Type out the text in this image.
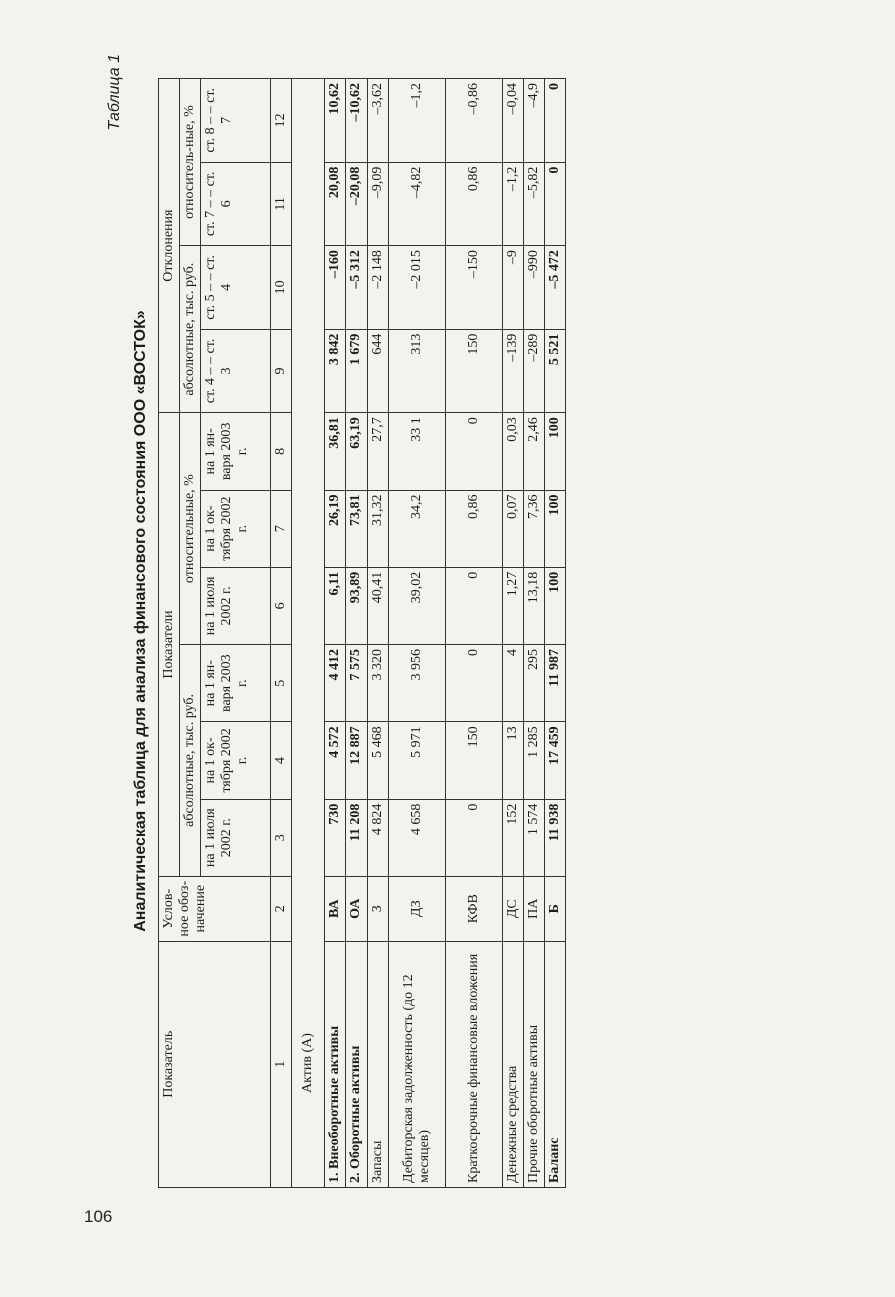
106
Таблица 1
Аналитическая таблица для анализа финансового состояния ООО «ВОСТОК»
Показатель	Услов-ное обоз-начение	Показатели						Отклонения			
		абсолютные, тыс. руб.			относительные, %			абсолютные, тыс. руб.		относитель-ные, %	
		на 1 июля 2002 г.	на 1 ок-тября 2002 г.	на 1 ян-варя 2003 г.	на 1 июля 2002 г.	на 1 ок-тября 2002 г.	на 1 ян-варя 2003 г.	ст. 4 – – ст. 3	ст. 5 – – ст. 4	ст. 7 – – ст. 6	ст. 8 – – ст. 7
1	2	3	4	5	6	7	8	9	10	11	12
Актив (А)											
1. Внеоборотные активы	ВА	730	4 572	4 412	6,11	26,19	36,81	3 842	–160	20,08	10,62
2. Оборотные активы	ОА	11 208	12 887	7 575	93,89	73,81	63,19	1 679	–5 312	–20,08	–10,62
Запасы	З	4 824	5 468	3 320	40,41	31,32	27,7	644	–2 148	–9,09	–3,62
Дебиторская задолженность (до 12 месяцев)	ДЗ	4 658	5 971	3 956	39,02	34,2	33 1	313	–2 015	–4,82	–1,2
Краткосрочные финансовые вложения	КФВ	0	150	0	0	0,86	0	150	–150	0,86	–0,86
Денежные средства	ДС	152	13	4	1,27	0,07	0,03	–139	–9	–1,2	–0,04
Прочие оборотные активы	ПА	1 574	1 285	295	13,18	7,36	2,46	–289	–990	–5,82	–4,9
Баланс	Б	11 938	17 459	11 987	100	100	100	5 521	–5 472	0	0
